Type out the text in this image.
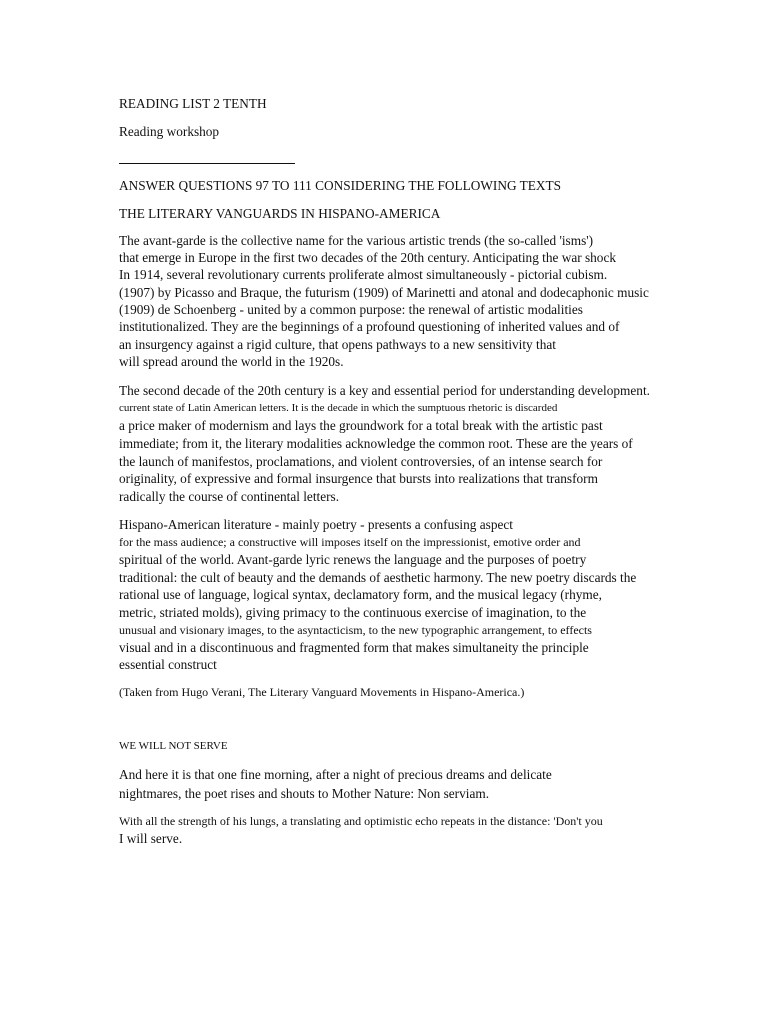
READING LIST 2 TENTH
Reading workshop
ANSWER QUESTIONS 97 TO 111 CONSIDERING THE FOLLOWING TEXTS
THE LITERARY VANGUARDS IN HISPANO-AMERICA
The avant-garde is the collective name for the various artistic trends (the so-called 'isms')
that emerge in Europe in the first two decades of the 20th century. Anticipating the war shock
In 1914, several revolutionary currents proliferate almost simultaneously - pictorial cubism.
(1907) by Picasso and Braque, the futurism (1909) of Marinetti and atonal and dodecaphonic music
(1909) de Schoenberg - united by a common purpose: the renewal of artistic modalities
institutionalized. They are the beginnings of a profound questioning of inherited values and of
an insurgency against a rigid culture, that opens pathways to a new sensitivity that
will spread around the world in the 1920s.
The second decade of the 20th century is a key and essential period for understanding development.
current state of Latin American letters. It is the decade in which the sumptuous rhetoric is discarded
a price maker of modernism and lays the groundwork for a total break with the artistic past
immediate; from it, the literary modalities acknowledge the common root. These are the years of
the launch of manifestos, proclamations, and violent controversies, of an intense search for
originality, of expressive and formal insurgence that bursts into realizations that transform
radically the course of continental letters.
Hispano-American literature - mainly poetry - presents a confusing aspect
for the mass audience; a constructive will imposes itself on the impressionist, emotive order and
spiritual of the world. Avant-garde lyric renews the language and the purposes of poetry
traditional: the cult of beauty and the demands of aesthetic harmony. The new poetry discards the
rational use of language, logical syntax, declamatory form, and the musical legacy (rhyme,
metric, striated molds), giving primacy to the continuous exercise of imagination, to the
unusual and visionary images, to the asyntacticism, to the new typographic arrangement, to effects
visual and in a discontinuous and fragmented form that makes simultaneity the principle
essential construct
(Taken from Hugo Verani, The Literary Vanguard Movements in Hispano-America.)
WE WILL NOT SERVE
And here it is that one fine morning, after a night of precious dreams and delicate
nightmares, the poet rises and shouts to Mother Nature: Non serviam.
With all the strength of his lungs, a translating and optimistic echo repeats in the distance: 'Don't you
I will serve.
